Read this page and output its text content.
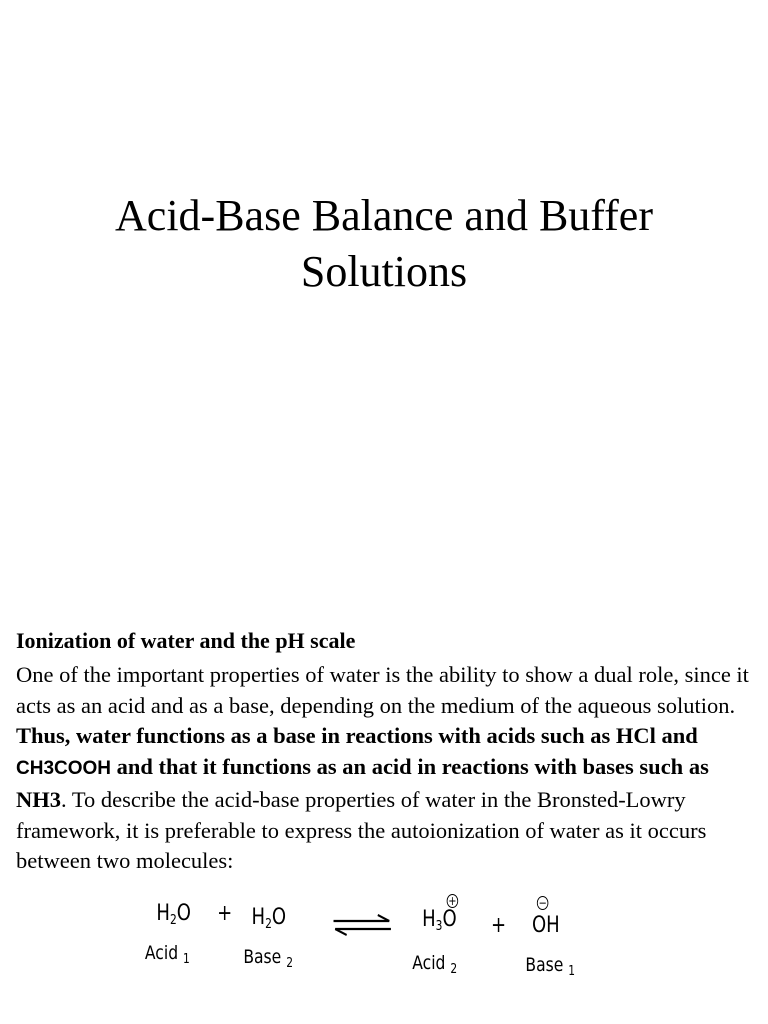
Acid-Base Balance and Buffer
Solutions
Ionization of water and the pH scale

One of the important properties of water is the ability to show a dual role, since it acts as an acid and as a base, depending on the medium of the aqueous solution. Thus, water functions as a base in reactions with acids such as HCl and CH3COOH and that it functions as an acid in reactions with bases such as NH3. To describe the acid-base properties of water in the Bronsted-Lowry framework, it is preferable to express the autoionization of water as it occurs between two molecules:

$H_2O$
Acid $_1$
+ $H_2O$
Base $_2$
$H_3O$
+
Acid $_2$
+ OH
−
Base $_1$
